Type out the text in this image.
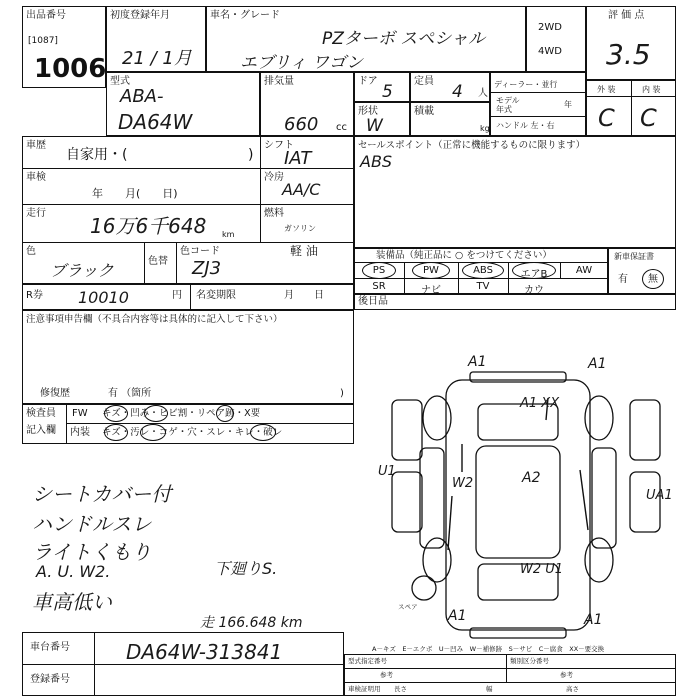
出品番号
[1087]
1006
初度登録年月
21 / 1月
車名・グレード
PZターボ スペシャル
エブリィ ワゴン
2WD
4WD
評 価 点
3.5
型式
ABA-
DA64W
排気量
660 cc
ドア
5
定員
4 人
形状
W
積載
kg
ディーラー・並行
モデル
年式
年
ハンドル 左・右
外 装	内 装
C C
車歴
自家用・(	)
車検
年　　月(　　日)
走行
16万6千648 km
色
ブラック	色替
色コード
ZJ3
シフト
IAT
冷房
AA/C
燃料
ガソリン
軽 油
R券 10010	円 名変期限	月　　日
セールスポイント（正常に機能するものに限ります）
ABS
装備品（純正品に ○ をつけてください）
PS	PW	ABS	エアB	AW
SR	ナビ	TV	カウ
新車保証書
有 無
後日品
注意事項申告欄（不具合内容等は具体的に記入して下さい）
修復歴	有 （箇所	)
検査員
記入欄
FW キズ・凹み・ヒビ割・リペア跡・X要
内装 キズ・汚レ・コゲ・穴・スレ・キレ・破レ
シートカバー付
ハンドルスレ
ライトくもり
A. U. W2.
車高低い
下廻りS.
走 166.648 km
A1	A1
A1 XX
U1
W2	A2
UA1
W2 U1
A1	A1
スペア
A－キズ　E－エクボ　U－凹み　W－補修跡　S－サビ　C－腐食　XX－要交換
車台番号	DA64W-313841
登録番号
型式指定番号	類別区分番号
参考	参考
車検証明用 長さ	幅	高さ
